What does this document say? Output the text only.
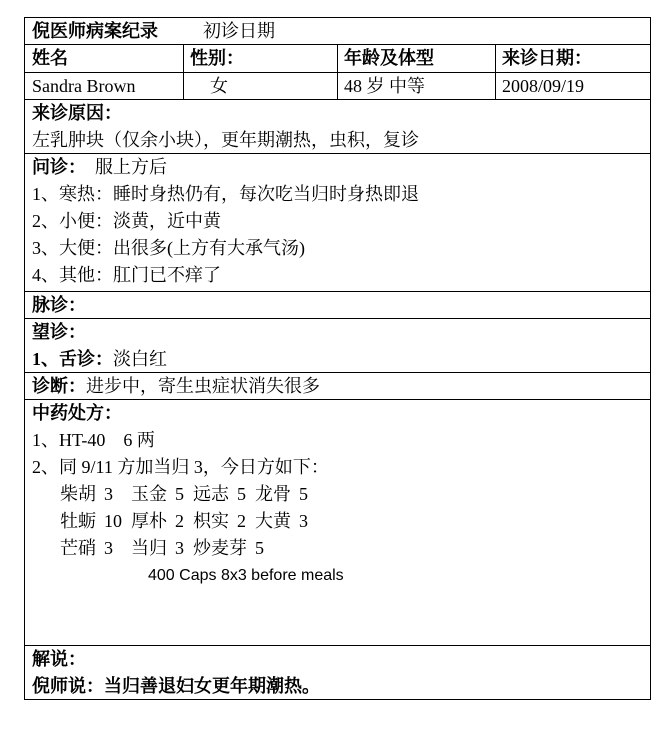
倪医师病案纪录	初诊日期
姓名	性别：	年龄及体型	来诊日期：
Sandra Brown	女	48 岁 中等	2008/09/19
来诊原因：
左乳肿块（仅余小块），更年期潮热，虫积，复诊
问诊： 服上方后
1、寒热：睡时身热仍有，每次吃当归时身热即退
2、小便：淡黄，近中黄
3、大便：出很多(上方有大承气汤)
4、其他：肛门已不痒了
脉诊：
望诊：
1、舌诊：淡白红
诊断：进步中，寄生虫症状消失很多
中药处方：
1、HT-40　6 两
2、同 9/11 方加当归 3，今日方如下：
柴胡 3 玉金 5 远志 5 龙骨 5
牡蛎 10 厚朴 2 枳实 2 大黄 3
芒硝 3 当归 3 炒麦芽 5
400 Caps 8x3 before meals
解说：
倪师说：当归善退妇女更年期潮热。
